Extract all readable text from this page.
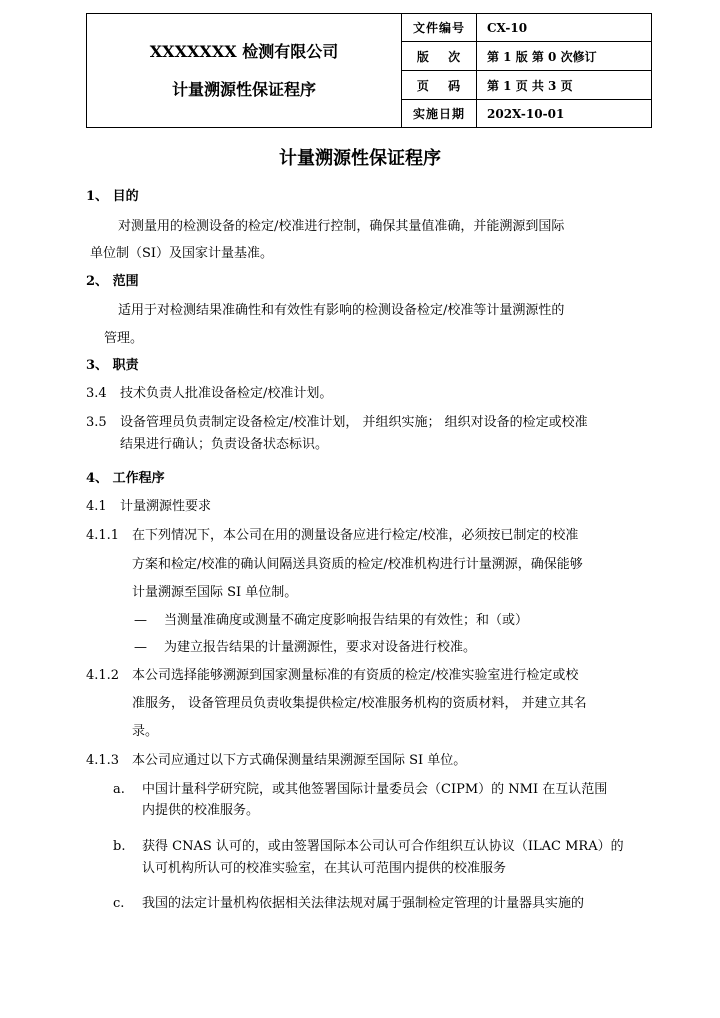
XXXXXXX 检测有限公司
计量溯源性保证程序	文件编号	CX-10
	版　 次	第 1 版 第 0 次修订
	页　 码	第 1 页 共 3 页
	实施日期	202X-10-01
计量溯源性保证程序
1、 目的
对测量用的检测设备的检定/校准进行控制，确保其量值准确，并能溯源到国际
单位制（SI）及国家计量基准。
2、 范围
适用于对检测结果准确性和有效性有影响的检测设备检定/校准等计量溯源性的
管理。
3、 职责
3.4 技术负责人批准设备检定/校准计划。
3.5 设备管理员负责制定设备检定/校准计划， 并组织实施； 组织对设备的检定或校准
结果进行确认；负责设备状态标识。
4、 工作程序
4.1 计量溯源性要求
4.1.1 在下列情况下，本公司在用的测量设备应进行检定/校准，必须按已制定的校准
方案和检定/校准的确认间隔送具资质的检定/校准机构进行计量溯源，确保能够
计量溯源至国际 SI 单位制。
— 当测量准确度或测量不确定度影响报告结果的有效性；和（或）
— 为建立报告结果的计量溯源性，要求对设备进行校准。
4.1.2 本公司选择能够溯源到国家测量标准的有资质的检定/校准实验室进行检定或校
准服务， 设备管理员负责收集提供检定/校准服务机构的资质材料， 并建立其名
录。
4.1.3 本公司应通过以下方式确保测量结果溯源至国际 SI 单位。
a. 中国计量科学研究院，或其他签署国际计量委员会（CIPM）的 NMI 在互认范围
内提供的校准服务。
b. 获得 CNAS 认可的，或由签署国际本公司认可合作组织互认协议（ILAC MRA）的
认可机构所认可的校准实验室，在其认可范围内提供的校准服务
c. 我国的法定计量机构依据相关法律法规对属于强制检定管理的计量器具实施的
